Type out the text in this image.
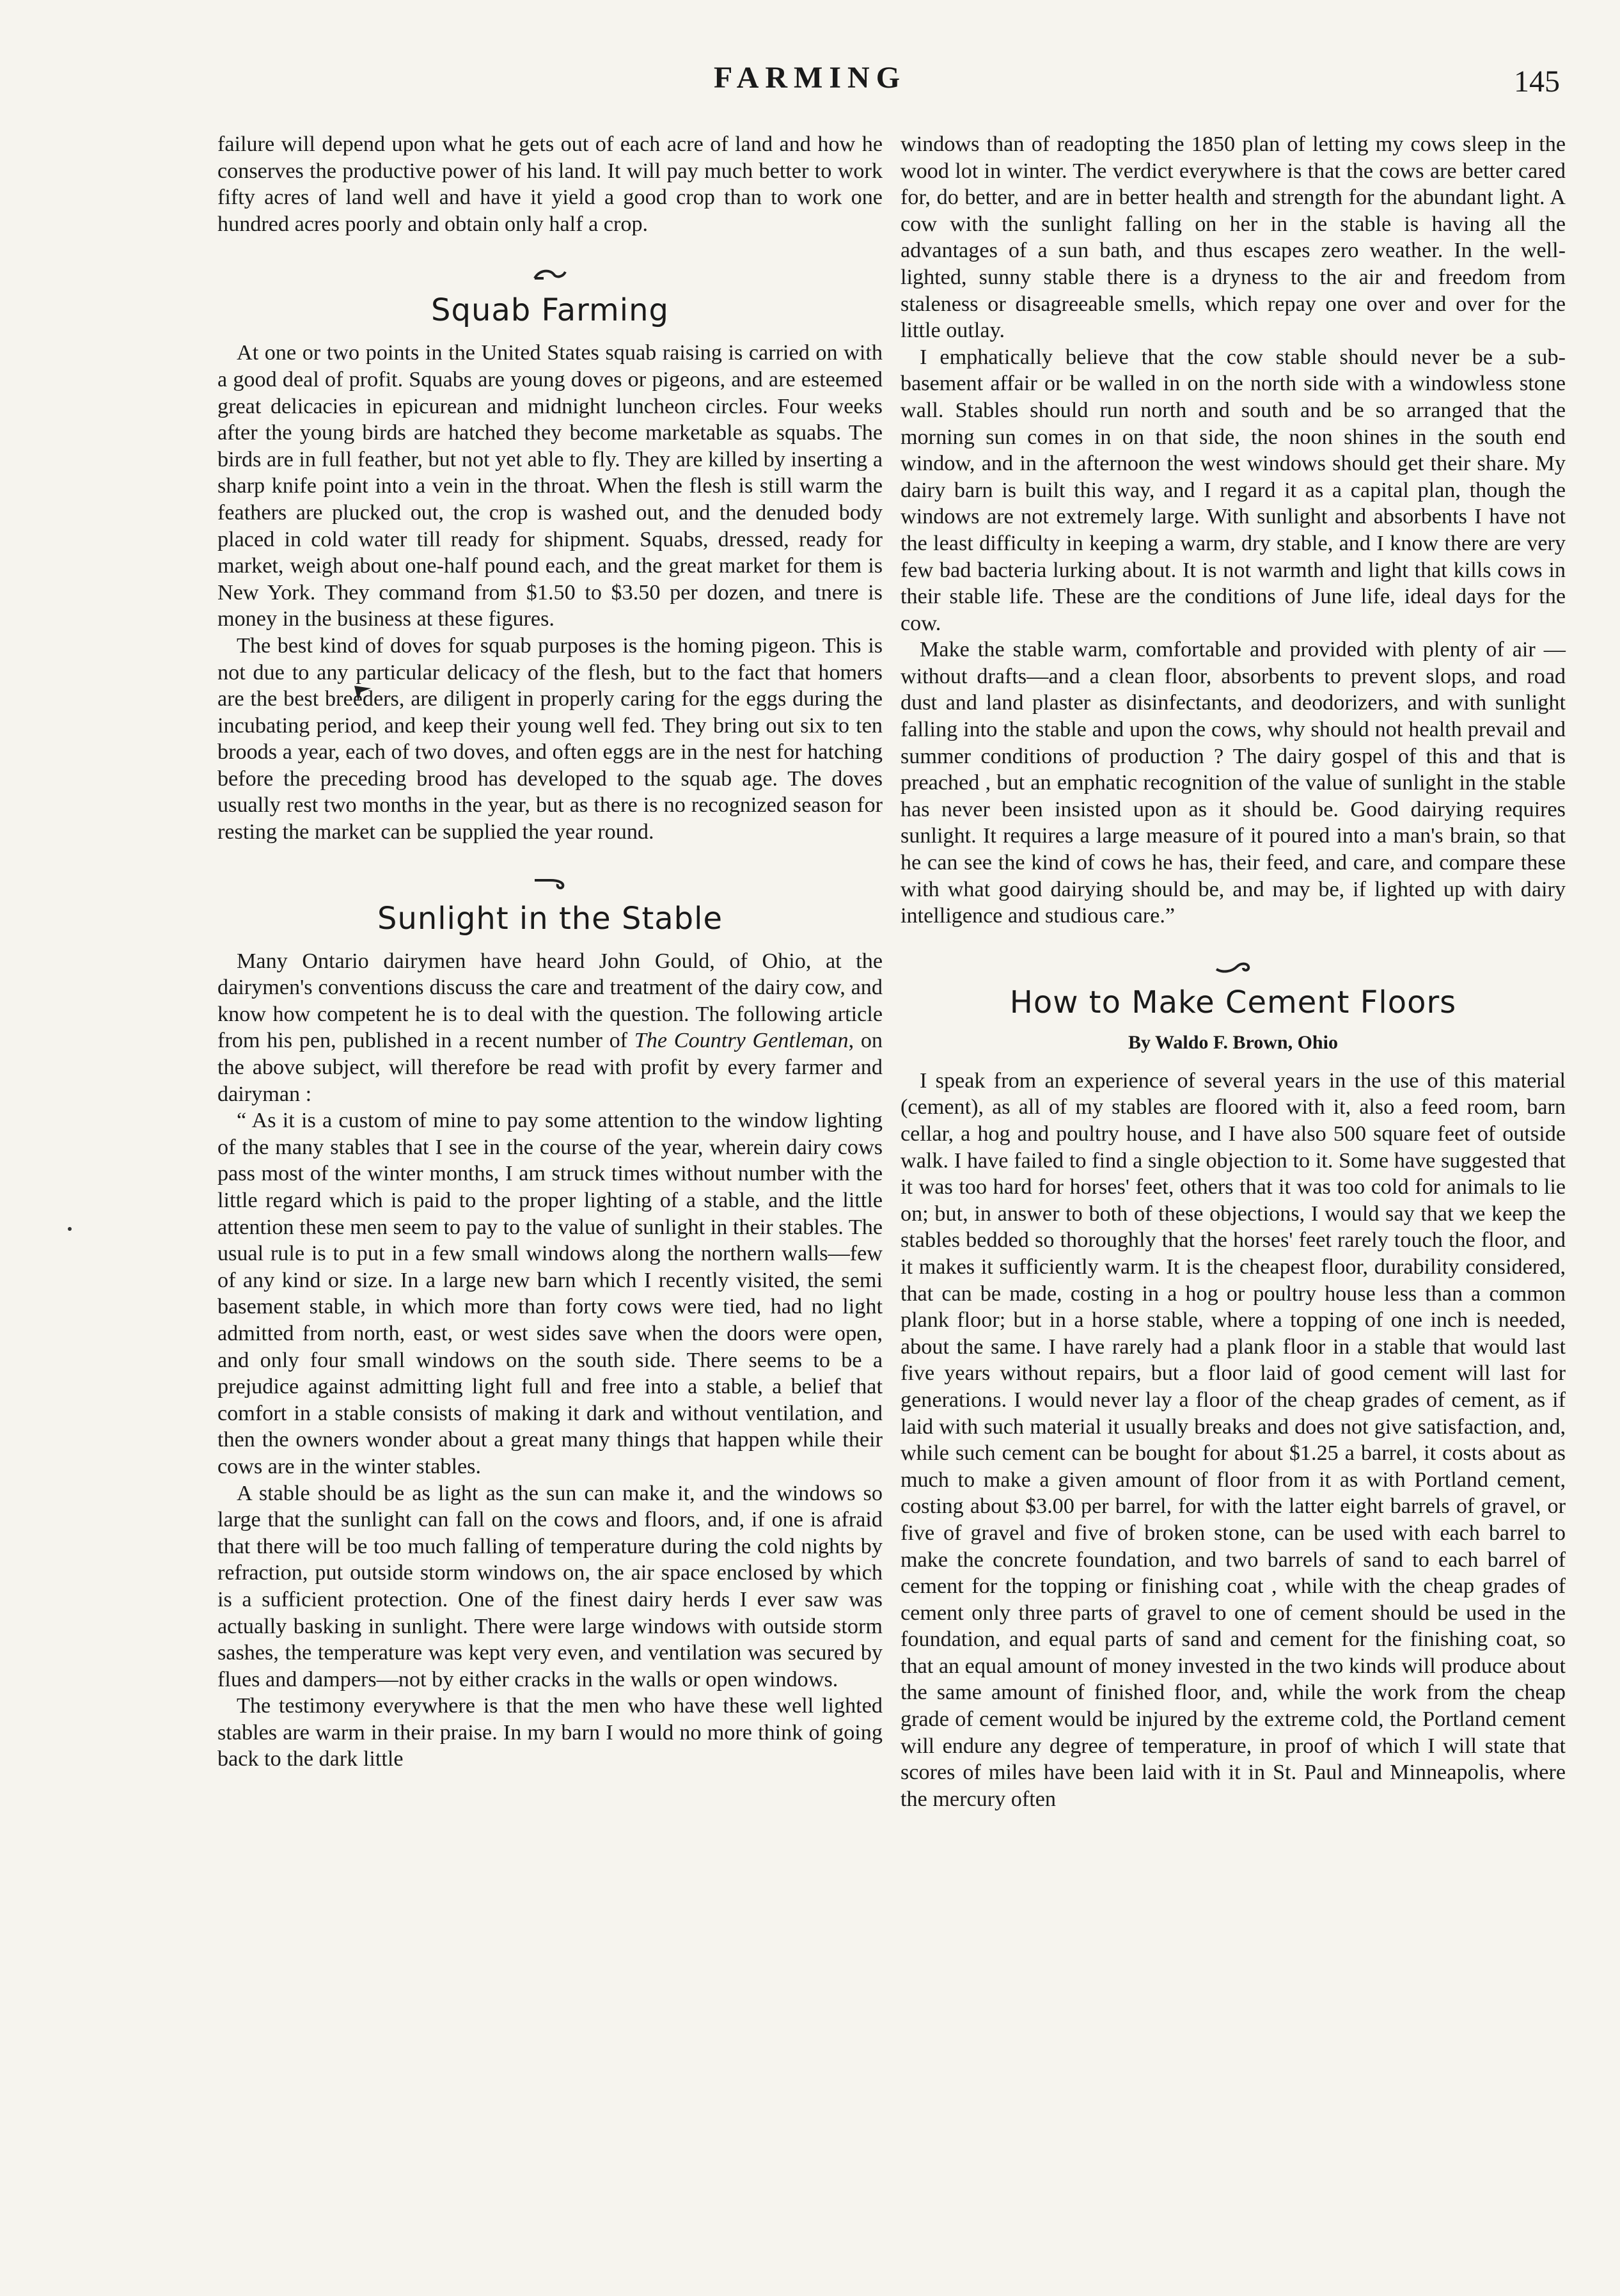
FARMING	145

failure will depend upon what he gets out of each acre of land and how he conserves the productive power of his land. It will pay much better to work fifty acres of land well and have it yield a good crop than to work one hundred acres poorly and obtain only half a crop.

Squab Farming

At one or two points in the United States squab raising is carried on with a good deal of profit. Squabs are young doves or pigeons, and are esteemed great delicacies in epicurean and midnight luncheon circles. Four weeks after the young birds are hatched they become marketable as squabs. The birds are in full feather, but not yet able to fly. They are killed by inserting a sharp knife point into a vein in the throat. When the flesh is still warm the feathers are plucked out, the crop is washed out, and the denuded body placed in cold water till ready for shipment. Squabs, dressed, ready for market, weigh about one-half pound each, and the great market for them is New York. They command from $1.50 to $3.50 per dozen, and tnere is money in the business at these figures.

The best kind of doves for squab purposes is the homing pigeon. This is not due to any particular delicacy of the flesh, but to the fact that homers are the best breeders, are diligent in properly caring for the eggs during the incubating period, and keep their young well fed. They bring out six to ten broods a year, each of two doves, and often eggs are in the nest for hatching before the preceding brood has developed to the squab age. The doves usually rest two months in the year, but as there is no recognized season for resting the market can be supplied the year round.

Sunlight in the Stable

Many Ontario dairymen have heard John Gould, of Ohio, at the dairymen's conventions discuss the care and treatment of the dairy cow, and know how competent he is to deal with the question. The following article from his pen, published in a recent number of The Country Gentleman, on the above subject, will therefore be read with profit by every farmer and dairyman :

“ As it is a custom of mine to pay some attention to the window lighting of the many stables that I see in the course of the year, wherein dairy cows pass most of the winter months, I am struck times without number with the little regard which is paid to the proper lighting of a stable, and the little attention these men seem to pay to the value of sunlight in their stables. The usual rule is to put in a few small windows along the northern walls—few of any kind or size. In a large new barn which I recently visited, the semi basement stable, in which more than forty cows were tied, had no light admitted from north, east, or west sides save when the doors were open, and only four small windows on the south side. There seems to be a prejudice against admitting light full and free into a stable, a belief that comfort in a stable consists of making it dark and without ventilation, and then the owners wonder about a great many things that happen while their cows are in the winter stables.

A stable should be as light as the sun can make it, and the windows so large that the sunlight can fall on the cows and floors, and, if one is afraid that there will be too much falling of temperature during the cold nights by refraction, put outside storm windows on, the air space enclosed by which is a sufficient protection. One of the finest dairy herds I ever saw was actually basking in sunlight. There were large windows with outside storm sashes, the temperature was kept very even, and ventilation was secured by flues and dampers—not by either cracks in the walls or open windows.

The testimony everywhere is that the men who have these well lighted stables are warm in their praise. In my barn I would no more think of going back to the dark little

windows than of readopting the 1850 plan of letting my cows sleep in the wood lot in winter. The verdict everywhere is that the cows are better cared for, do better, and are in better health and strength for the abundant light. A cow with the sunlight falling on her in the stable is having all the advantages of a sun bath, and thus escapes zero weather. In the well-lighted, sunny stable there is a dryness to the air and freedom from staleness or disagreeable smells, which repay one over and over for the little outlay.

I emphatically believe that the cow stable should never be a sub-basement affair or be walled in on the north side with a windowless stone wall. Stables should run north and south and be so arranged that the morning sun comes in on that side, the noon shines in the south end window, and in the afternoon the west windows should get their share. My dairy barn is built this way, and I regard it as a capital plan, though the windows are not extremely large. With sunlight and absorbents I have not the least difficulty in keeping a warm, dry stable, and I know there are very few bad bacteria lurking about. It is not warmth and light that kills cows in their stable life. These are the conditions of June life, ideal days for the cow.

Make the stable warm, comfortable and provided with plenty of air —without drafts—and a clean floor, absorbents to prevent slops, and road dust and land plaster as disinfectants, and deodorizers, and with sunlight falling into the stable and upon the cows, why should not health prevail and summer conditions of production ? The dairy gospel of this and that is preached , but an emphatic recognition of the value of sunlight in the stable has never been insisted upon as it should be. Good dairying requires sunlight. It requires a large measure of it poured into a man's brain, so that he can see the kind of cows he has, their feed, and care, and compare these with what good dairying should be, and may be, if lighted up with dairy intelligence and studious care.”

How to Make Cement Floors
By Waldo F. Brown, Ohio

I speak from an experience of several years in the use of this material (cement), as all of my stables are floored with it, also a feed room, barn cellar, a hog and poultry house, and I have also 500 square feet of outside walk. I have failed to find a single objection to it. Some have suggested that it was too hard for horses' feet, others that it was too cold for animals to lie on; but, in answer to both of these objections, I would say that we keep the stables bedded so thoroughly that the horses' feet rarely touch the floor, and it makes it sufficiently warm. It is the cheapest floor, durability considered, that can be made, costing in a hog or poultry house less than a common plank floor; but in a horse stable, where a topping of one inch is needed, about the same. I have rarely had a plank floor in a stable that would last five years without repairs, but a floor laid of good cement will last for generations. I would never lay a floor of the cheap grades of cement, as if laid with such material it usually breaks and does not give satisfaction, and, while such cement can be bought for about $1.25 a barrel, it costs about as much to make a given amount of floor from it as with Portland cement, costing about $3.00 per barrel, for with the latter eight barrels of gravel, or five of gravel and five of broken stone, can be used with each barrel to make the concrete foundation, and two barrels of sand to each barrel of cement for the topping or finishing coat , while with the cheap grades of cement only three parts of gravel to one of cement should be used in the foundation, and equal parts of sand and cement for the finishing coat, so that an equal amount of money invested in the two kinds will produce about the same amount of finished floor, and, while the work from the cheap grade of cement would be injured by the extreme cold, the Portland cement will endure any degree of temperature, in proof of which I will state that scores of miles have been laid with it in St. Paul and Minneapolis, where the mercury often
